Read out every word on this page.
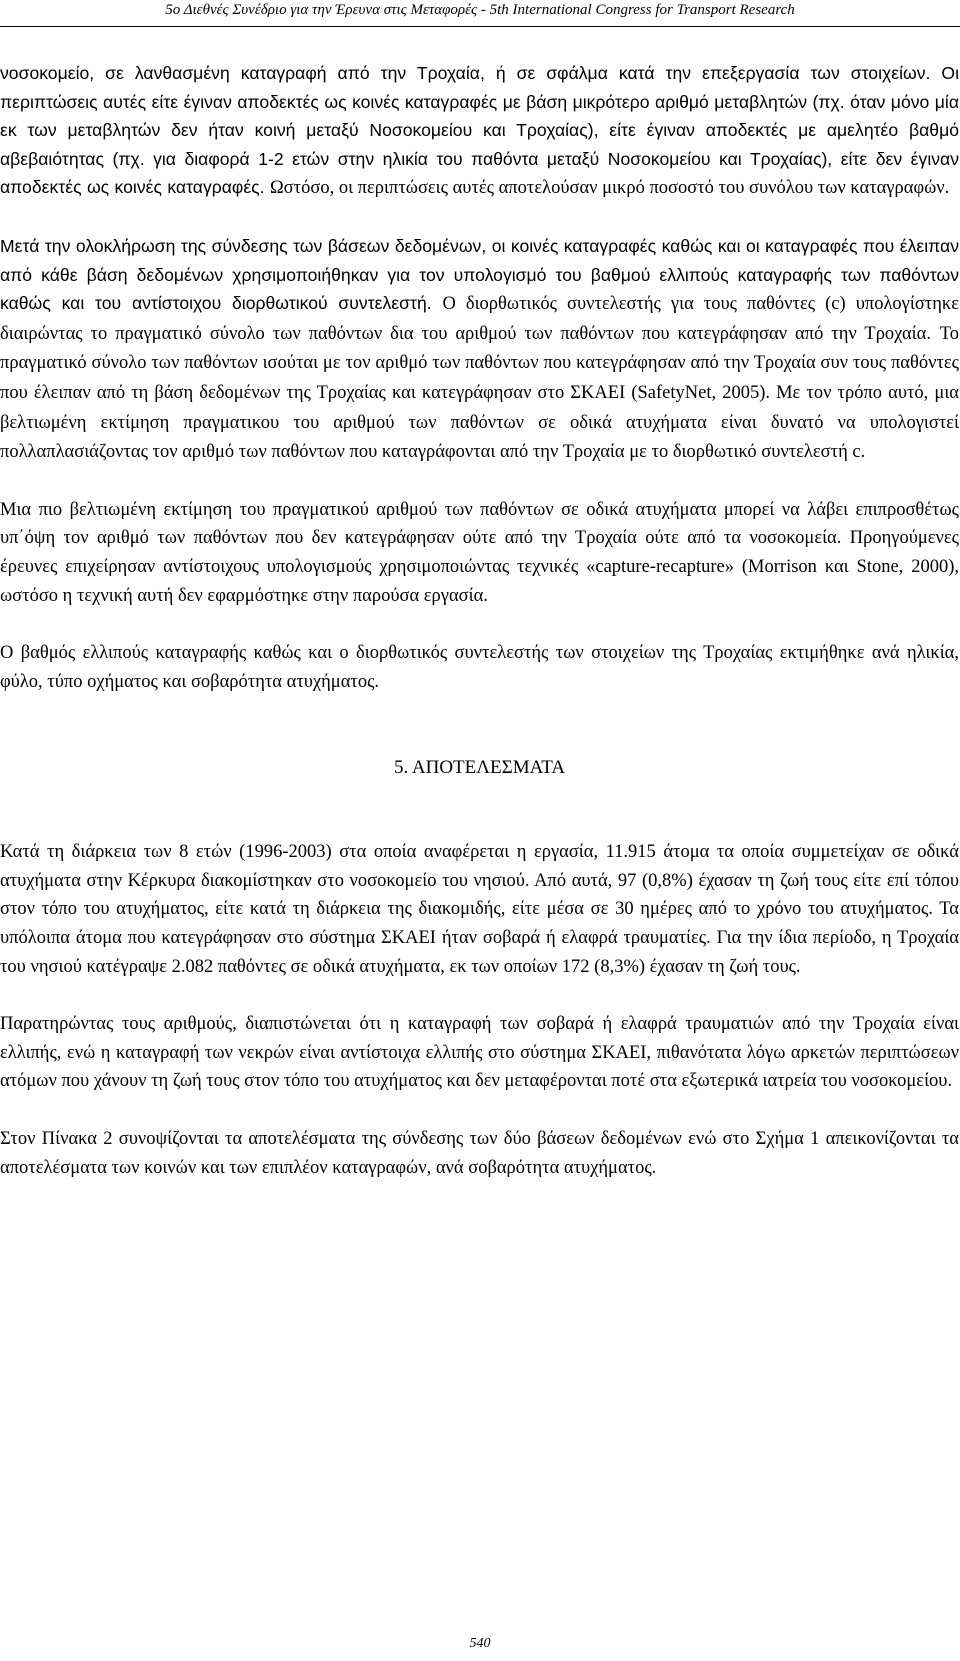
5ο Διεθνές Συνέδριο για την Έρευνα στις Μεταφορές - 5th International Congress for Transport Research

νοσοκομείο, σε λανθασμένη καταγραφή από την Τροχαία, ή σε σφάλμα κατά την επεξεργασία των στοιχείων. Οι περιπτώσεις αυτές είτε έγιναν αποδεκτές ως κοινές καταγραφές με βάση μικρότερο αριθμό μεταβλητών (πχ. όταν μόνο μία εκ των μεταβλητών δεν ήταν κοινή μεταξύ Νοσοκομείου και Τροχαίας), είτε έγιναν αποδεκτές με αμελητέο βαθμό αβεβαιότητας (πχ. για διαφορά 1-2 ετών στην ηλικία του παθόντα μεταξύ Νοσοκομείου και Τροχαίας), είτε δεν έγιναν αποδεκτές ως κοινές καταγραφές. Ωστόσο, οι περιπτώσεις αυτές αποτελούσαν μικρό ποσοστό του συνόλου των καταγραφών.

Μετά την ολοκλήρωση της σύνδεσης των βάσεων δεδομένων, οι κοινές καταγραφές καθώς και οι καταγραφές που έλειπαν από κάθε βάση δεδομένων χρησιμοποιήθηκαν για τον υπολογισμό του βαθμού ελλιπούς καταγραφής των παθόντων καθώς και του αντίστοιχου διορθωτικού συντελεστή. Ο διορθωτικός συντελεστής για τους παθόντες (c) υπολογίστηκε διαιρώντας το πραγματικό σύνολο των παθόντων δια του αριθμού των παθόντων που κατεγράφησαν από την Τροχαία. Το πραγματικό σύνολο των παθόντων ισούται με τον αριθμό των παθόντων που κατεγράφησαν από την Τροχαία συν τους παθόντες που έλειπαν από τη βάση δεδομένων της Τροχαίας και κατεγράφησαν στο ΣΚΑΕΙ (SafetyNet, 2005). Με τον τρόπο αυτό, μια βελτιωμένη εκτίμηση πραγματικου του αριθμού των παθόντων σε οδικά ατυχήματα είναι δυνατό να υπολογιστεί πολλαπλασιάζοντας τον αριθμό των παθόντων που καταγράφονται από την Τροχαία με το διορθωτικό συντελεστή c.

Μια πιο βελτιωμένη εκτίμηση του πραγματικού αριθμού των παθόντων σε οδικά ατυχήματα μπορεί να λάβει επιπροσθέτως υπ΄όψη τον αριθμό των παθόντων που δεν κατεγράφησαν ούτε από την Τροχαία ούτε από τα νοσοκομεία. Προηγούμενες έρευνες επιχείρησαν αντίστοιχους υπολογισμούς χρησιμοποιώντας τεχνικές «capture-recapture» (Morrison και Stone, 2000), ωστόσο η τεχνική αυτή δεν εφαρμόστηκε στην παρούσα εργασία.

Ο βαθμός ελλιπούς καταγραφής καθώς και ο διορθωτικός συντελεστής των στοιχείων της Τροχαίας εκτιμήθηκε ανά ηλικία, φύλο, τύπο οχήματος και σοβαρότητα ατυχήματος.

5. ΑΠΟΤΕΛΕΣΜΑΤΑ

Κατά τη διάρκεια των 8 ετών (1996-2003) στα οποία αναφέρεται η εργασία, 11.915 άτομα τα οποία συμμετείχαν σε οδικά ατυχήματα στην Κέρκυρα διακομίστηκαν στο νοσοκομείο του νησιού. Από αυτά, 97 (0,8%) έχασαν τη ζωή τους είτε επί τόπου στον τόπο του ατυχήματος, είτε κατά τη διάρκεια της διακομιδής, είτε μέσα σε 30 ημέρες από το χρόνο του ατυχήματος. Τα υπόλοιπα άτομα που κατεγράφησαν στο σύστημα ΣΚΑΕΙ ήταν σοβαρά ή ελαφρά τραυματίες. Για την ίδια περίοδο, η Τροχαία του νησιού κατέγραψε 2.082 παθόντες σε οδικά ατυχήματα, εκ των οποίων 172 (8,3%) έχασαν τη ζωή τους.

Παρατηρώντας τους αριθμούς, διαπιστώνεται ότι η καταγραφή των σοβαρά ή ελαφρά τραυματιών από την Τροχαία είναι ελλιπής, ενώ η καταγραφή των νεκρών είναι αντίστοιχα ελλιπής στο σύστημα ΣΚΑΕΙ, πιθανότατα λόγω αρκετών περιπτώσεων ατόμων που χάνουν τη ζωή τους στον τόπο του ατυχήματος και δεν μεταφέρονται ποτέ στα εξωτερικά ιατρεία του νοσοκομείου.

Στον Πίνακα 2 συνοψίζονται τα αποτελέσματα της σύνδεσης των δύο βάσεων δεδομένων ενώ στο Σχήμα 1 απεικονίζονται τα αποτελέσματα των κοινών και των επιπλέον καταγραφών, ανά σοβαρότητα ατυχήματος.

540
